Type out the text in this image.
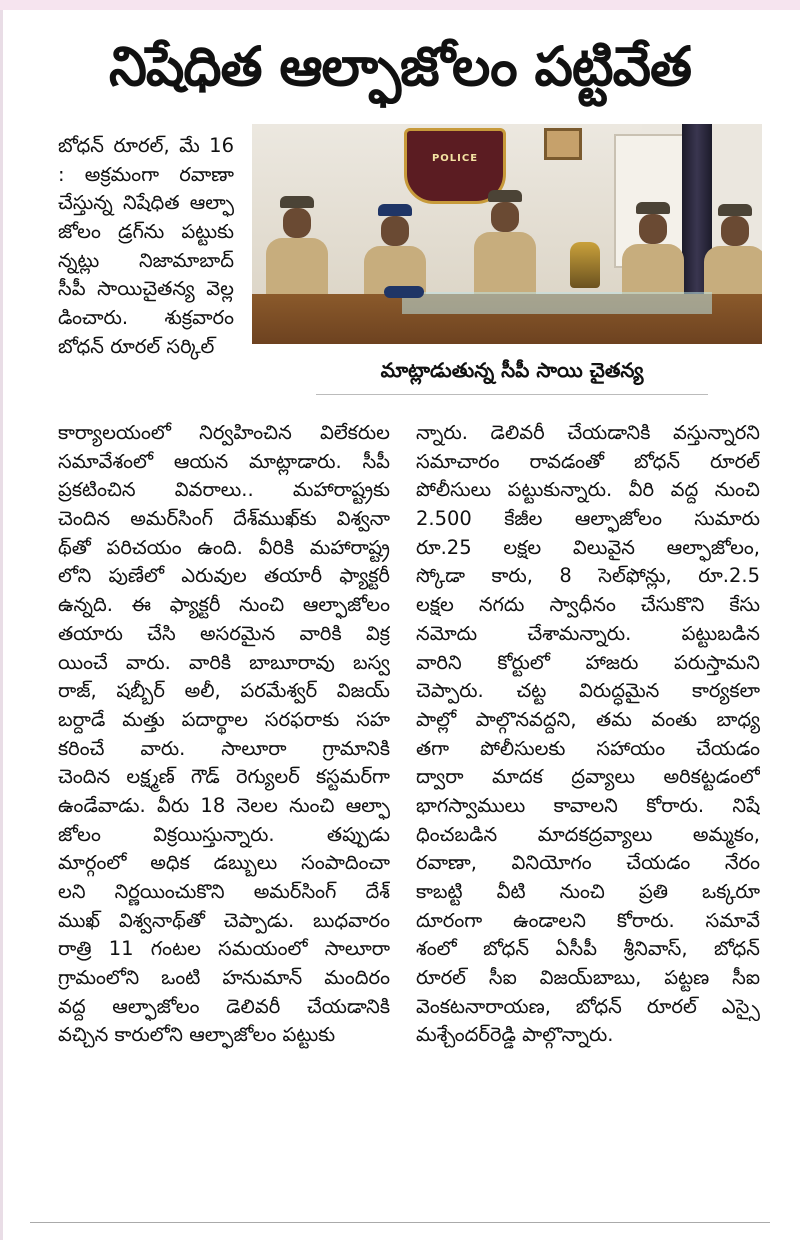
నిషేధిత ఆల్ఫాజోలం పట్టివేత
POLICE
మాట్లాడుతున్న సీపీ సాయి చైతన్య
బోధన్ రూరల్, మే 16
: అక్రమంగా రవాణా
చేస్తున్న నిషేధిత ఆల్ఫా
జోలం డ్రగ్‌ను పట్టుకు
న్నట్లు నిజామాబాద్
సీపీ సాయిచైతన్య వెల్ల
డించారు. శుక్రవారం
బోధన్ రూరల్ సర్కిల్
కార్యాలయంలో నిర్వహించిన విలేకరుల
సమావేశంలో ఆయన మాట్లాడారు. సీపీ
ప్రకటించిన వివరాలు.. మహారాష్ట్రకు
చెందిన అమర్‌సింగ్ దేశ్‌ముఖ్‌కు విశ్వనా
థ్‌తో పరిచయం ఉంది. వీరికి మహారాష్ట్ర
లోని పుణేలో ఎరువుల తయారీ ఫ్యాక్టరీ
ఉన్నది. ఈ ఫ్యాక్టరీ నుంచి ఆల్ఫాజోలం
తయారు చేసి అసరమైన వారికి విక్ర
యించే వారు. వారికి బాబూరావు బస్వ
రాజ్, షబ్బీర్ అలీ, పరమేశ్వర్ విజయ్
బర్దాడే మత్తు పదార్థాల సరఫరాకు సహ
కరించే వారు. సాలూరా గ్రామానికి
చెందిన లక్ష్మణ్ గౌడ్ రెగ్యులర్ కస్టమర్‌గా
ఉండేవాడు. వీరు 18 నెలల నుంచి ఆల్ఫా
జోలం విక్రయిస్తున్నారు. తప్పుడు
మార్గంలో అధిక డబ్బులు సంపాదించా
లని నిర్ణయించుకొని అమర్‌సింగ్ దేశ్
ముఖ్ విశ్వనాథ్‌తో చెప్పాడు. బుధవారం
రాత్రి 11 గంటల సమయంలో సాలూరా
గ్రామంలోని ఒంటి హనుమాన్ మందిరం
వద్ద ఆల్ఫాజోలం డెలివరీ చేయడానికి
వచ్చిన కారులోని ఆల్ఫాజోలం పట్టుకు
న్నారు. డెలివరీ చేయడానికి వస్తున్నారని
సమాచారం రావడంతో బోధన్ రూరల్
పోలీసులు పట్టుకున్నారు. వీరి వద్ద నుంచి
2.500 కేజీల ఆల్ఫాజోలం సుమారు
రూ.25 లక్షల విలువైన ఆల్ఫాజోలం,
స్కోడా కారు, 8 సెల్‌ఫోన్లు, రూ.2.5
లక్షల నగదు స్వాధీనం చేసుకొని కేసు
నమోదు చేశామన్నారు. పట్టుబడిన
వారిని కోర్టులో హాజరు పరుస్తామని
చెప్పారు. చట్ట విరుద్ధమైన కార్యకలా
పాల్లో పాల్గొనవద్దని, తమ వంతు బాధ్య
తగా పోలీసులకు సహాయం చేయడం
ద్వారా మాదక ద్రవ్యాలు అరికట్టడంలో
భాగస్వాములు కావాలని కోరారు. నిషే
ధించబడిన మాదకద్రవ్యాలు అమ్మకం,
రవాణా, వినియోగం చేయడం నేరం
కాబట్టి వీటి నుంచి ప్రతి ఒక్కరూ
దూరంగా ఉండాలని కోరారు. సమావే
శంలో బోధన్ ఏసీపీ శ్రీనివాస్, బోధన్
రూరల్ సీఐ విజయ్‌బాబు, పట్టణ సీఐ
వెంకటనారాయణ, బోధన్ రూరల్ ఎస్సై
మశ్చేందర్‌రెడ్డి పాల్గొన్నారు.
